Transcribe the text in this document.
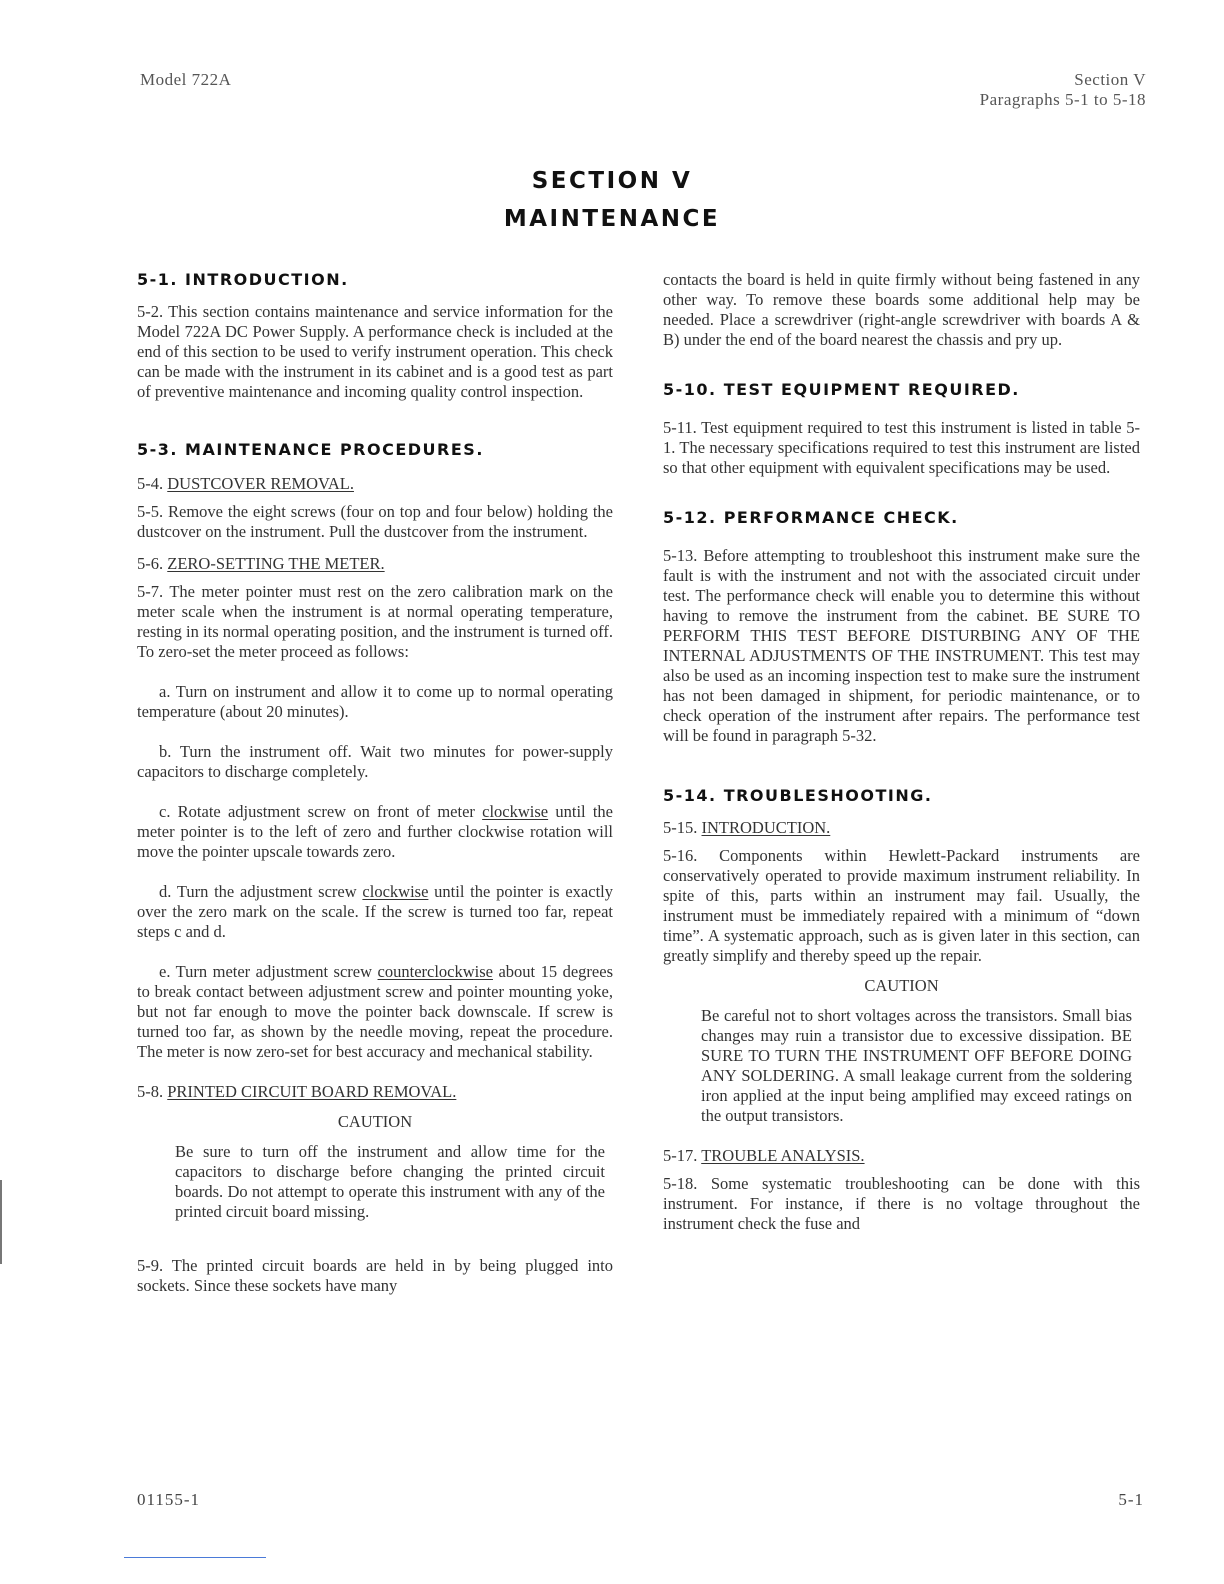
Model 722A	Section V
Paragraphs 5-1 to 5-18
SECTION V
MAINTENANCE

5-1. INTRODUCTION.

5-2. This section contains maintenance and service information for the Model 722A DC Power Supply. A performance check is included at the end of this section to be used to verify instrument operation. This check can be made with the instrument in its cabinet and is a good test as part of preventive maintenance and incoming quality control inspection.

5-3. MAINTENANCE PROCEDURES.

5-4. DUSTCOVER REMOVAL.

5-5. Remove the eight screws (four on top and four below) holding the dustcover on the instrument. Pull the dustcover from the instrument.

5-6. ZERO-SETTING THE METER.

5-7. The meter pointer must rest on the zero calibration mark on the meter scale when the instrument is at normal operating temperature, resting in its normal operating position, and the instrument is turned off. To zero-set the meter proceed as follows:

a. Turn on instrument and allow it to come up to normal operating temperature (about 20 minutes).

b. Turn the instrument off. Wait two minutes for power-supply capacitors to discharge completely.

c. Rotate adjustment screw on front of meter clockwise until the meter pointer is to the left of zero and further clockwise rotation will move the pointer upscale towards zero.

d. Turn the adjustment screw clockwise until the pointer is exactly over the zero mark on the scale. If the screw is turned too far, repeat steps c and d.

e. Turn meter adjustment screw counterclockwise about 15 degrees to break contact between adjustment screw and pointer mounting yoke, but not far enough to move the pointer back downscale. If screw is turned too far, as shown by the needle moving, repeat the procedure. The meter is now zero-set for best accuracy and mechanical stability.

5-8. PRINTED CIRCUIT BOARD REMOVAL.

CAUTION

Be sure to turn off the instrument and allow time for the capacitors to discharge before changing the printed circuit boards. Do not attempt to operate this instrument with any of the printed circuit board missing.

5-9. The printed circuit boards are held in by being plugged into sockets. Since these sockets have many

contacts the board is held in quite firmly without being fastened in any other way. To remove these boards some additional help may be needed. Place a screwdriver (right-angle screwdriver with boards A & B) under the end of the board nearest the chassis and pry up.

5-10. TEST EQUIPMENT REQUIRED.

5-11. Test equipment required to test this instrument is listed in table 5-1. The necessary specifications required to test this instrument are listed so that other equipment with equivalent specifications may be used.

5-12. PERFORMANCE CHECK.

5-13. Before attempting to troubleshoot this instrument make sure the fault is with the instrument and not with the associated circuit under test. The performance check will enable you to determine this without having to remove the instrument from the cabinet. BE SURE TO PERFORM THIS TEST BEFORE DISTURBING ANY OF THE INTERNAL ADJUSTMENTS OF THE INSTRUMENT. This test may also be used as an incoming inspection test to make sure the instrument has not been damaged in shipment, for periodic maintenance, or to check operation of the instrument after repairs. The performance test will be found in paragraph 5-32.

5-14. TROUBLESHOOTING.

5-15. INTRODUCTION.

5-16. Components within Hewlett-Packard instruments are conservatively operated to provide maximum instrument reliability. In spite of this, parts within an instrument may fail. Usually, the instrument must be immediately repaired with a minimum of “down time”. A systematic approach, such as is given later in this section, can greatly simplify and thereby speed up the repair.

CAUTION

Be careful not to short voltages across the transistors. Small bias changes may ruin a transistor due to excessive dissipation. BE SURE TO TURN THE INSTRUMENT OFF BEFORE DOING ANY SOLDERING. A small leakage current from the soldering iron applied at the input being amplified may exceed ratings on the output transistors.

5-17. TROUBLE ANALYSIS.

5-18. Some systematic troubleshooting can be done with this instrument. For instance, if there is no voltage throughout the instrument check the fuse and

01155-1	5-1
